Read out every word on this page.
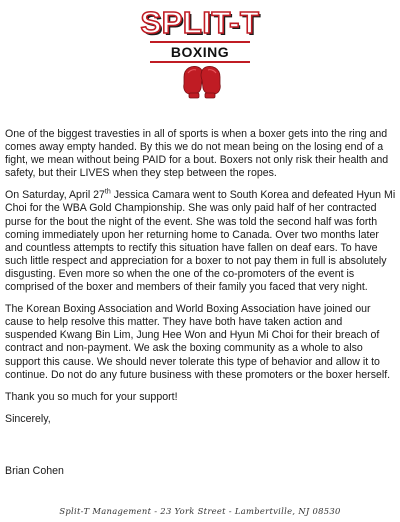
SPLIT-T
BOXING

One of the biggest travesties in all of sports is when a boxer gets into the ring and comes away empty handed. By this we do not mean being on the losing end of a fight, we mean without being PAID for a bout. Boxers not only risk their health and safety, but their LIVES when they step between the ropes.

On Saturday, April 27th Jessica Camara went to South Korea and defeated Hyun Mi Choi for the WBA Gold Championship. She was only paid half of her contracted purse for the bout the night of the event. She was told the second half was forth coming immediately upon her returning home to Canada. Over two months later and countless attempts to rectify this situation have fallen on deaf ears. To have such little respect and appreciation for a boxer to not pay them in full is absolutely disgusting. Even more so when the one of the co-promoters of the event is comprised of the boxer and members of their family you faced that very night.

The Korean Boxing Association and World Boxing Association have joined our cause to help resolve this matter. They have both have taken action and suspended Kwang Bin Lim, Jung Hee Won and Hyun Mi Choi for their breach of contract and non-payment. We ask the boxing community as a whole to also support this cause. We should never tolerate this type of behavior and allow it to continue. Do not do any future business with these promoters or the boxer herself.

Thank you so much for your support!

Sincerely,

Brian Cohen

Split-T Management - 23 York Street - Lambertville, NJ 08530
